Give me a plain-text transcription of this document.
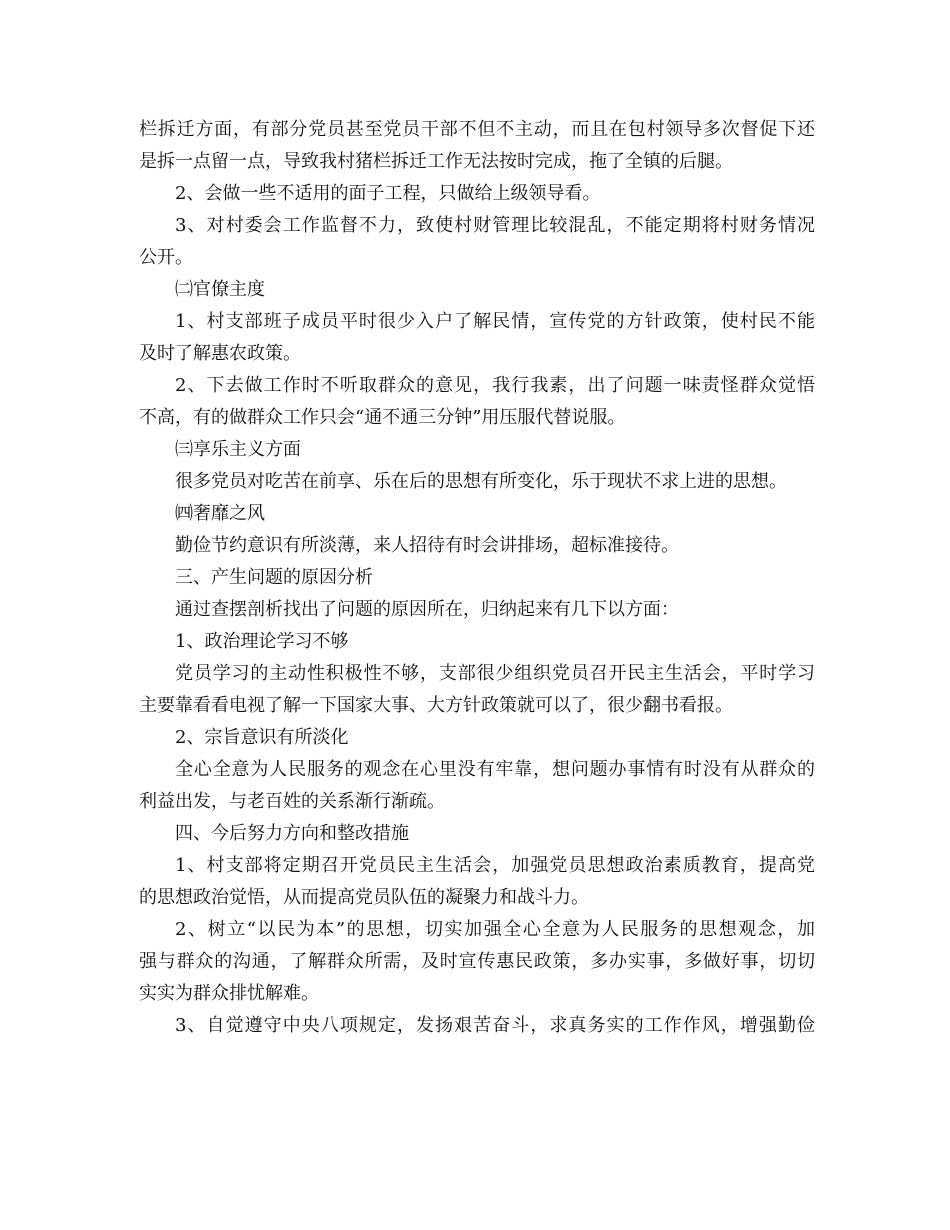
栏拆迁方面，有部分党员甚至党员干部不但不主动，而且在包村领导多次督促下还
是拆一点留一点，导致我村猪栏拆迁工作无法按时完成，拖了全镇的后腿。
2、会做一些不适用的面子工程，只做给上级领导看。
3、对村委会工作监督不力，致使村财管理比较混乱，不能定期将村财务情况
公开。
㈡官僚主度
1、村支部班子成员平时很少入户了解民情，宣传党的方针政策，使村民不能
及时了解惠农政策。
2、下去做工作时不听取群众的意见，我行我素，出了问题一味责怪群众觉悟
不高，有的做群众工作只会“通不通三分钟”用压服代替说服。
㈢享乐主义方面
很多党员对吃苦在前享、乐在后的思想有所变化，乐于现状不求上进的思想。
㈣奢靡之风
勤俭节约意识有所淡薄，来人招待有时会讲排场，超标准接待。
三、产生问题的原因分析
通过查摆剖析找出了问题的原因所在，归纳起来有几下以方面：
1、政治理论学习不够
党员学习的主动性积极性不够，支部很少组织党员召开民主生活会，平时学习
主要靠看看电视了解一下国家大事、大方针政策就可以了，很少翻书看报。
2、宗旨意识有所淡化
全心全意为人民服务的观念在心里没有牢靠，想问题办事情有时没有从群众的
利益出发，与老百姓的关系渐行渐疏。
四、今后努力方向和整改措施
1、村支部将定期召开党员民主生活会，加强党员思想政治素质教育，提高党
的思想政治觉悟，从而提高党员队伍的凝聚力和战斗力。
2、树立“以民为本”的思想，切实加强全心全意为人民服务的思想观念，加
强与群众的沟通，了解群众所需，及时宣传惠民政策，多办实事，多做好事，切切
实实为群众排忧解难。
3、自觉遵守中央八项规定，发扬艰苦奋斗，求真务实的工作作风，增强勤俭
